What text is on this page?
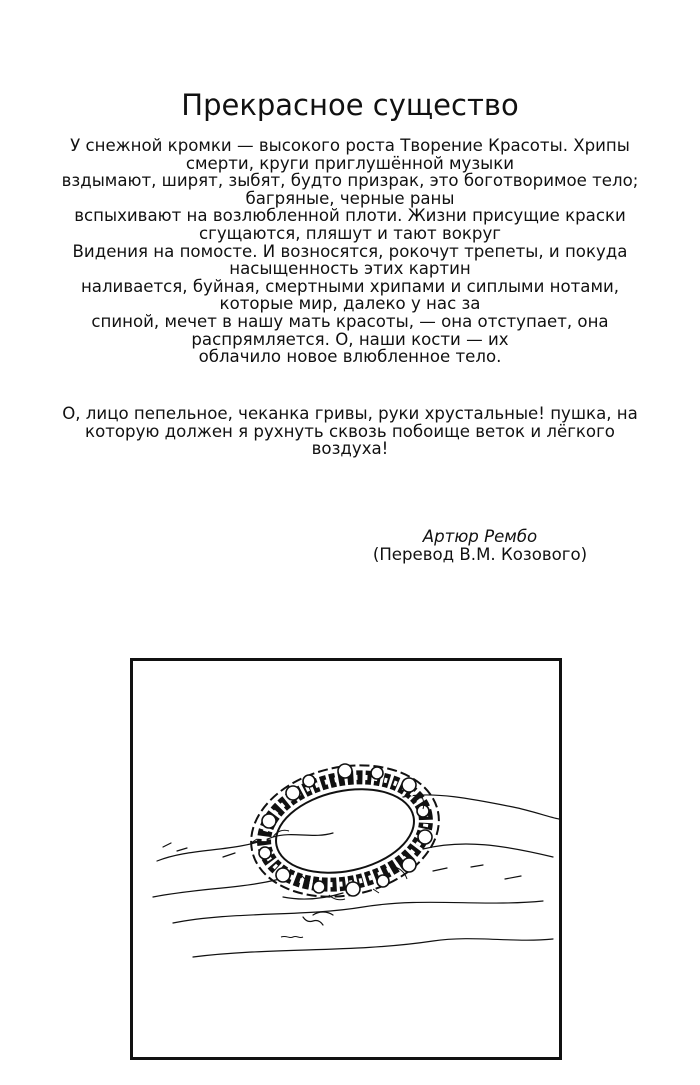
Прекрасное существо
У снежной кромки — высокого роста Творение Красоты. Хрипы
смерти, круги приглушённой музыки
вздымают, ширят, зыбят, будто призрак, это боготворимое тело;
багряные, черные раны
вспыхивают на возлюбленной плоти. Жизни присущие краски
сгущаются, пляшут и тают вокруг
Видения на помосте. И возносятся, рокочут трепеты, и покуда
насыщенность этих картин
наливается, буйная, смертными хрипами и сиплыми нотами,
которые мир, далеко у нас за
спиной, мечет в нашу мать красоты, — она отступает, она
распрямляется. О, наши кости — их
облачило новое влюбленное тело.
О, лицо пепельное, чеканка гривы, руки хрустальные! пушка, на
которую должен я рухнуть сквозь побоище веток и лёгкого
воздуха!
Артюр Рембо
(Перевод В.М. Козового)
